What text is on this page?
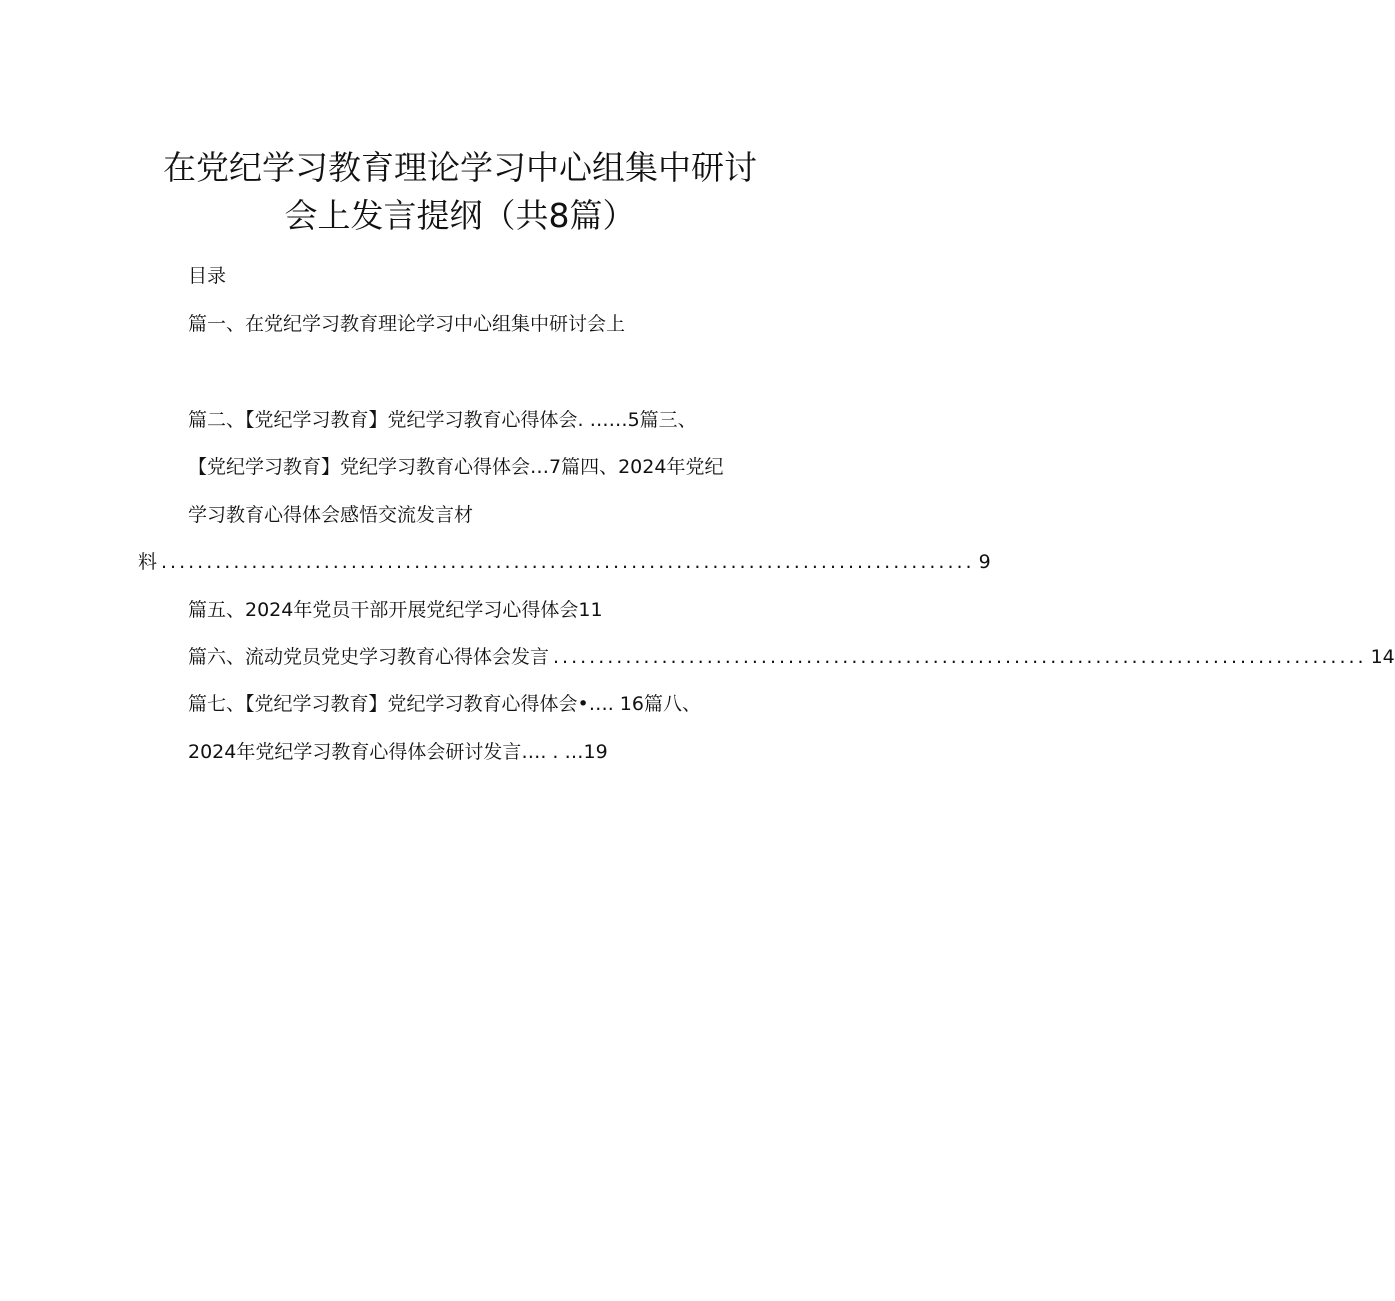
在党纪学习教育理论学习中心组集中研讨
会上发言提纲（共8篇）
目录
篇一、在党纪学习教育理论学习中心组集中研讨会上
篇二、【党纪学习教育】党纪学习教育心得体会. ……5篇三、
【党纪学习教育】党纪学习教育心得体会…7篇四、2024年党纪
学习教育心得体会感悟交流发言材
料 .......................................................................................... 9
篇五、2024年党员干部开展党纪学习心得体会11
篇六、流动党员党史学习教育心得体会发言 .......................................................................................... 14
篇七、【党纪学习教育】党纪学习教育心得体会•…. 16篇八、
2024年党纪学习教育心得体会研讨发言…. . …19
